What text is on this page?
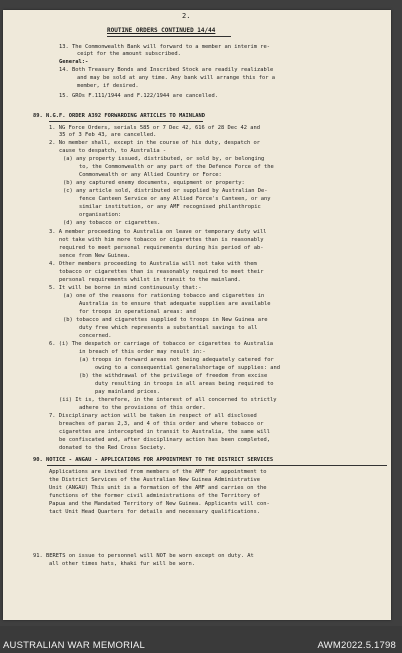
2.
ROUTINE ORDERS CONTINUED 14/44
13. The Commonwealth Bank will forward to a member an interim re-
ceipt for the amount subscribed.
General:-
14. Both Treasury Bonds and Inscribed Stock are readily realizable
and may be sold at any time. Any bank will arrange this for a
member, if desired.
15. GROs F.111/1944 and F.122/1944 are cancelled.
89. N.G.F. ORDER A392 FORWARDING ARTICLES TO MAINLAND
1. NG Force Orders, serials 585 or 7 Dec 42, 616 of 28 Dec 42 and
35 of 3 Feb 43, are cancelled.
2. No member shall, except in the course of his duty, despatch or
cause to despatch, to Australia -
(a) any property issued, distributed, or sold by, or belonging
to, the Commonwealth or any part of the Defence Force of the
Commonwealth or any Allied Country or Force:
(b) any captured enemy documents, equipment or property:
(c) any article sold, distributed or supplied by Australian De-
fence Canteen Service or any Allied Force's Canteen, or any
similar institution, or any AMF recognised philanthropic
organisation:
(d) any tobacco or cigarettes.
3. A member proceeding to Australia on leave or temporary duty will
not take with him more tobacco or cigarettes than is reasonably
required to meet personal requirements during his period of ab-
sence from New Guinea.
4. Other members proceeding to Australia will not take with them
tobacco or cigarettes than is reasonably required to meet their
personal requirements whilst in transit to the mainland.
5. It will be borne in mind continuously that:-
(a) one of the reasons for rationing tobacco and cigarettes in
Australia is to ensure that adequate supplies are available
for troops in operational areas: and
(b) tobacco and cigarettes supplied to troops in New Guinea are
duty free which represents a substantial savings to all
concerned.
6. (i) The despatch or carriage of tobacco or cigarettes to Australia
in breach of this order may result in:-
(a) troops in forward areas not being adequately catered for
owing to a consequential generalshortage of supplies: and
(b) the withdrawal of the privilege of freedom from excise
duty resulting in troops in all areas being required to
pay mainland prices.
(ii) It is, therefore, in the interest of all concerned to strictly
adhere to the provisions of this order.
7. Disciplinary action will be taken in respect of all disclosed
breaches of paras 2,3, and 4 of this order and where tobacco or
cigarettes are intercepted in transit to Australia, the same will
be confiscated and, after disciplinary action has been completed,
donated to the Red Cross Society.
90. NOTICE - ANGAU - APPLICATIONS FOR APPOINTMENT TO THE DISTRICT SERVICES
Applications are invited from members of the AMF for appointment to
the District Services of the Australian New Guinea Administrative
Unit (ANGAU) This unit is a formation of the AMF and carries on the
functions of the former civil administrations of the Territory of
Papua and the Mandated Territory of New Guinea. Applicants will con-
tact Unit Head Quarters for details and necessary qualifications.
91. BERETS on issue to personnel will NOT be worn except on duty. At
all other times hats, khaki fur will be worn.
AUSTRALIAN WAR MEMORIAL	AWM2022.5.1798
